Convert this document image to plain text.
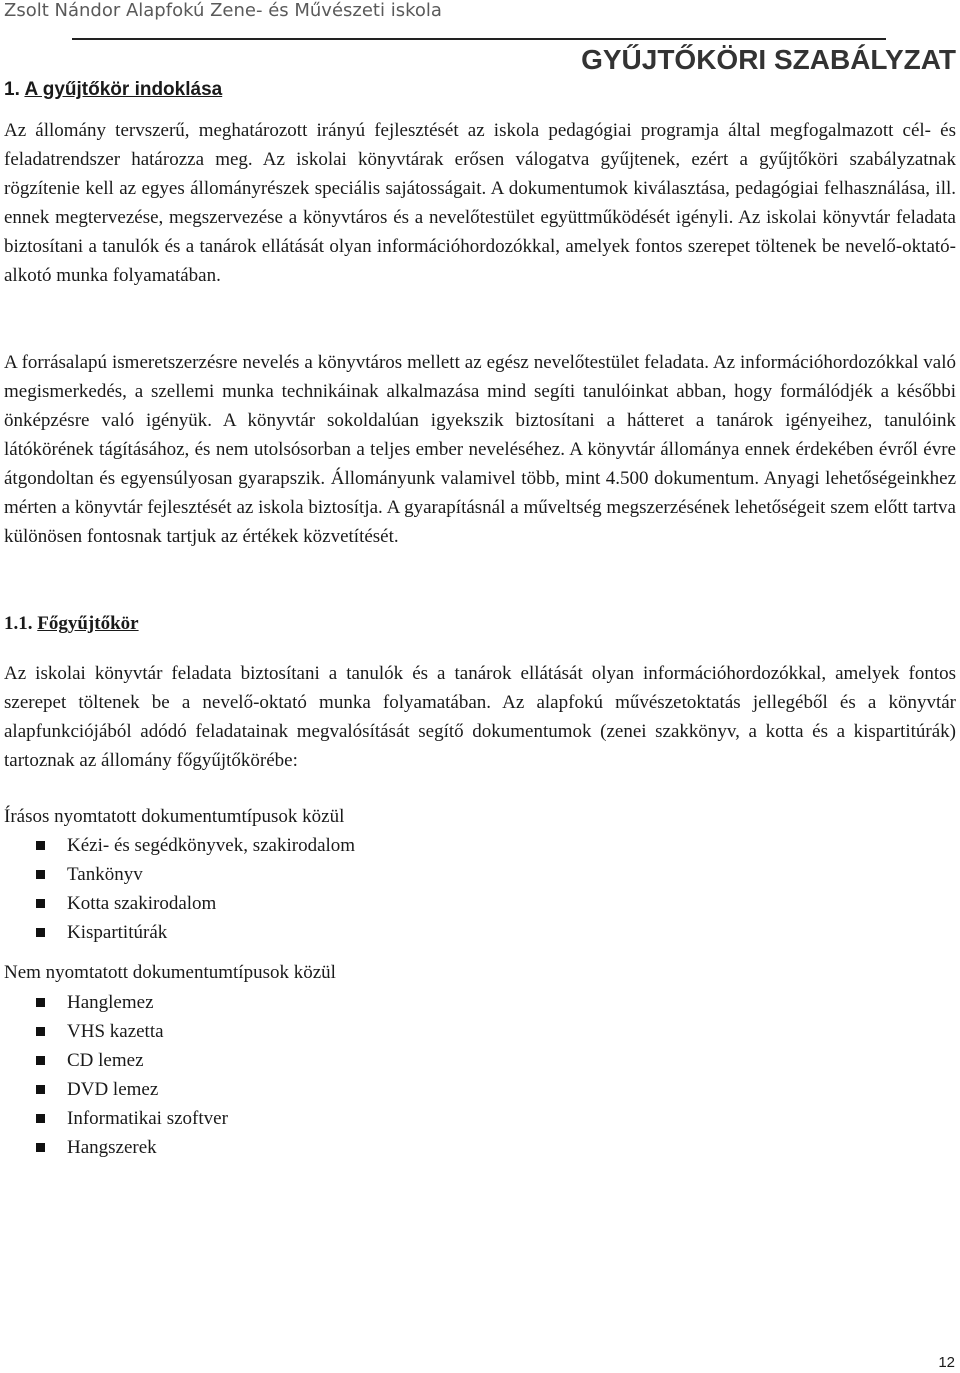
Zsolt Nándor Alapfokú Zene- és Művészeti iskola
GYŰJTŐKÖRI SZABÁLYZAT
1. A gyűjtőkör indoklása

Az állomány tervszerű, meghatározott irányú fejlesztését az iskola pedagógiai programja által megfogalmazott cél- és feladatrendszer határozza meg. Az iskolai könyvtárak erősen válogatva gyűjtenek, ezért a gyűjtőköri szabályzatnak rögzítenie kell az egyes állományrészek speciális sajátosságait. A dokumentumok kiválasztása, pedagógiai felhasználása, ill. ennek megtervezése, megszervezése a könyvtáros és a nevelőtestület együttműködését igényli. Az iskolai könyvtár feladata biztosítani a tanulók és a tanárok ellátását olyan információhordozókkal, amelyek fontos szerepet töltenek be nevelő-oktató-alkotó munka folyamatában.

A forrásalapú ismeretszerzésre nevelés a könyvtáros mellett az egész nevelőtestület feladata. Az információhordozókkal való megismerkedés, a szellemi munka technikáinak alkalmazása mind segíti tanulóinkat abban, hogy formálódjék a későbbi önképzésre való igényük. A könyvtár sokoldalúan igyekszik biztosítani a hátteret a tanárok igényeihez, tanulóink látókörének tágításához, és nem utolsósorban a teljes ember neveléséhez. A könyvtár állománya ennek érdekében évről évre átgondoltan és egyensúlyosan gyarapszik. Állományunk valamivel több, mint 4.500 dokumentum. Anyagi lehetőségeinkhez mérten a könyvtár fejlesztését az iskola biztosítja. A gyarapításnál a műveltség megszerzésének lehetőségeit szem előtt tartva különösen fontosnak tartjuk az értékek közvetítését.

1.1. Főgyűjtőkör

Az iskolai könyvtár feladata biztosítani a tanulók és a tanárok ellátását olyan információhordozókkal, amelyek fontos szerepet töltenek be a nevelő-oktató munka folyamatában. Az alapfokú művészetoktatás jellegéből és a könyvtár alapfunkciójából adódó feladatainak megvalósítását segítő dokumentumok (zenei szakkönyv, a kotta és a kispartitúrák) tartoznak az állomány főgyűjtőkörébe:

Írásos nyomtatott dokumentumtípusok közül
Kézi- és segédkönyvek, szakirodalom
Tankönyv
Kotta szakirodalom
Kispartitúrák
Nem nyomtatott dokumentumtípusok közül
Hanglemez
VHS kazetta
CD lemez
DVD lemez
Informatikai szoftver
Hangszerek
12
